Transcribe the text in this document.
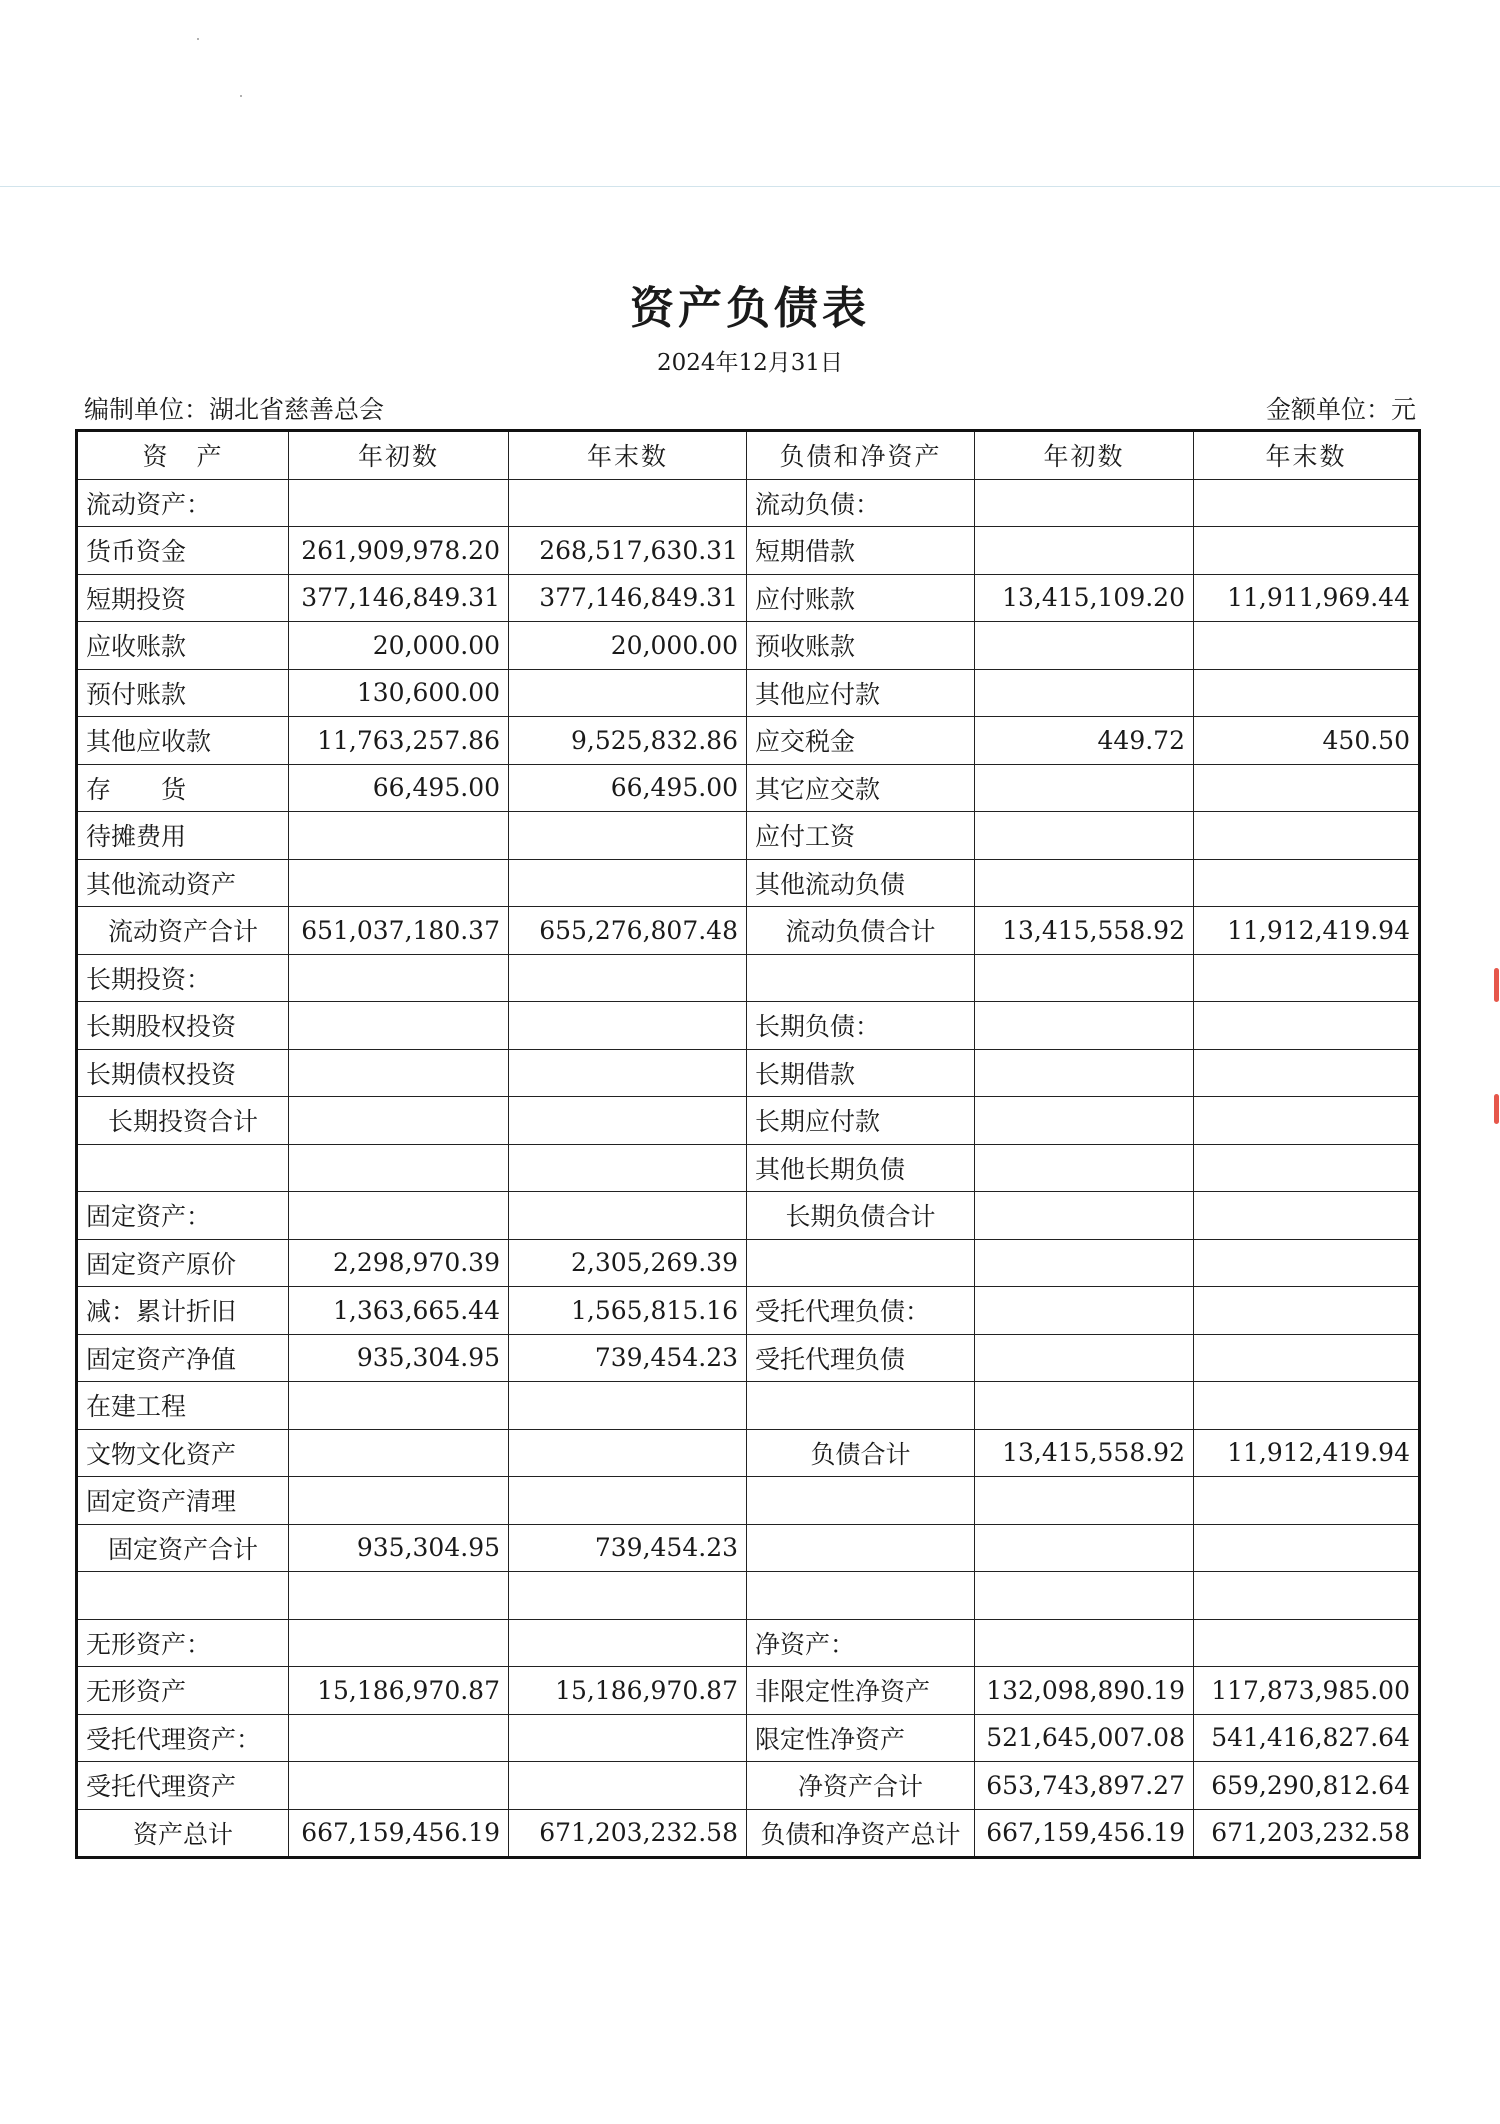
资产负债表
2024年12月31日
编制单位：湖北省慈善总会	金额单位：元
资　产	年初数	年末数	负债和净资产	年初数	年末数
流动资产：			流动负债：		
货币资金	261,909,978.20	268,517,630.31	短期借款		
短期投资	377,146,849.31	377,146,849.31	应付账款	13,415,109.20	11,911,969.44
应收账款	20,000.00	20,000.00	预收账款		
预付账款	130,600.00		其他应付款		
其他应收款	11,763,257.86	9,525,832.86	应交税金	449.72	450.50
存　　货	66,495.00	66,495.00	其它应交款		
待摊费用			应付工资		
其他流动资产			其他流动负债		
流动资产合计	651,037,180.37	655,276,807.48	流动负债合计	13,415,558.92	11,912,419.94
长期投资：					
长期股权投资			长期负债：		
长期债权投资			长期借款		
长期投资合计			长期应付款		
			其他长期负债		
固定资产：			长期负债合计		
固定资产原价	2,298,970.39	2,305,269.39			
减：累计折旧	1,363,665.44	1,565,815.16	受托代理负债：		
固定资产净值	935,304.95	739,454.23	受托代理负债		
在建工程					
文物文化资产			负债合计	13,415,558.92	11,912,419.94
固定资产清理					
固定资产合计	935,304.95	739,454.23			

无形资产：			净资产：		
无形资产	15,186,970.87	15,186,970.87	非限定性净资产	132,098,890.19	117,873,985.00
受托代理资产：			限定性净资产	521,645,007.08	541,416,827.64
受托代理资产			净资产合计	653,743,897.27	659,290,812.64
资产总计	667,159,456.19	671,203,232.58	负债和净资产总计	667,159,456.19	671,203,232.58
